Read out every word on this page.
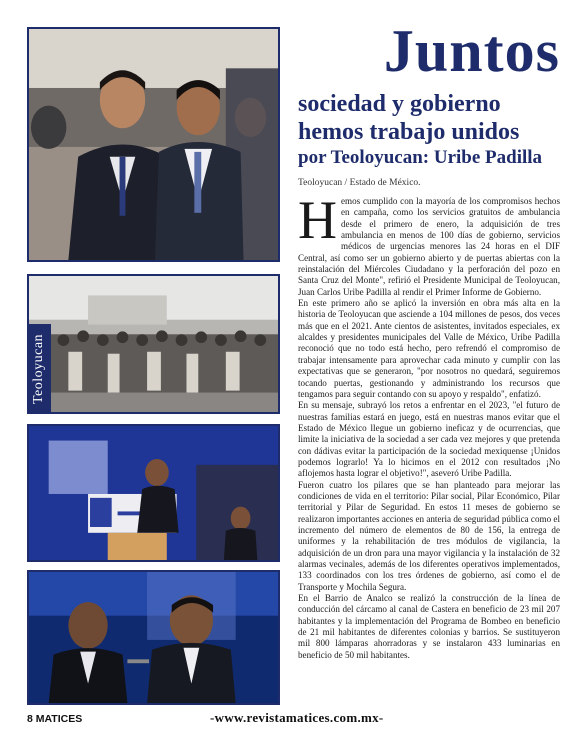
Teoloyucan

Juntos

sociedad y gobierno

hemos trabajo unidos

por Teoloyucan: Uribe Padilla

Teoloyucan / Estado de México.

H emos cumplido con la mayoría de los compromisos hechos en campaña, como los servicios gratuitos de ambulancia desde el primero de enero, la adquisición de tres ambulancia en menos de 100 días de gobierno, servicios médicos de urgencias menores las 24 horas en el DIF Central, así como ser un gobierno abierto y de puertas abiertas con la reinstalación del Miércoles Ciudadano y la perforación del pozo en Santa Cruz del Monte", refirió el Presidente Municipal de Teoloyucan, Juan Carlos Uribe Padilla al rendir el Primer Informe de Gobierno.

En este primero año se aplicó la inversión en obra más alta en la historia de Teoloyucan que asciende a 104 millones de pesos, dos veces más que en el 2021. Ante cientos de asistentes, invitados especiales, ex alcaldes y presidentes municipales del Valle de México, Uribe Padilla reconoció que no todo está hecho, pero refrendó el compromiso de trabajar intensamente para aprovechar cada minuto y cumplir con las expectativas que se generaron, "por nosotros no quedará, seguiremos tocando puertas, gestionando y administrando los recursos que tengamos para seguir contando con su apoyo y respaldo", enfatizó.

En su mensaje, subrayó los retos a enfrentar en el 2023, "el futuro de nuestras familias estará en juego, está en nuestras manos evitar que el Estado de México llegue un gobierno ineficaz y de ocurrencias, que limite la iniciativa de la sociedad a ser cada vez mejores y que pretenda con dádivas evitar la participación de la sociedad mexiquense ¡Unidos podemos lograrlo! Ya lo hicimos en el 2012 con resultados ¡No aflojemos hasta lograr el objetivo!", aseveró Uribe Padilla.

Fueron cuatro los pilares que se han planteado para mejorar las condiciones de vida en el territorio: Pilar social, Pilar Económico, Pilar territorial y Pilar de Seguridad. En estos 11 meses de gobierno se realizaron importantes acciones en anteria de seguridad pública como el incremento del número de elementos de 80 de 156, la entrega de uniformes y la rehabilitación de tres módulos de vigilancia, la adquisición de un dron para una mayor vigilancia y la instalación de 32 alarmas vecinales, además de los diferentes operativos implementados, 133 coordinados con los tres órdenes de gobierno, así como el de Transporte y Mochila Segura.

En el Barrio de Analco se realizó la construcción de la línea de conducción del cárcamo al canal de Castera en beneficio de 23 mil 207 habitantes y la implementación del Programa de Bombeo en beneficio de 21 mil habitantes de diferentes colonias y barrios. Se sustituyeron mil 800 lámparas ahorradoras y se instalaron 433 luminarias en beneficio de 50 mil habitantes.

8 MATICES	-www.revistamatices.com.mx-
